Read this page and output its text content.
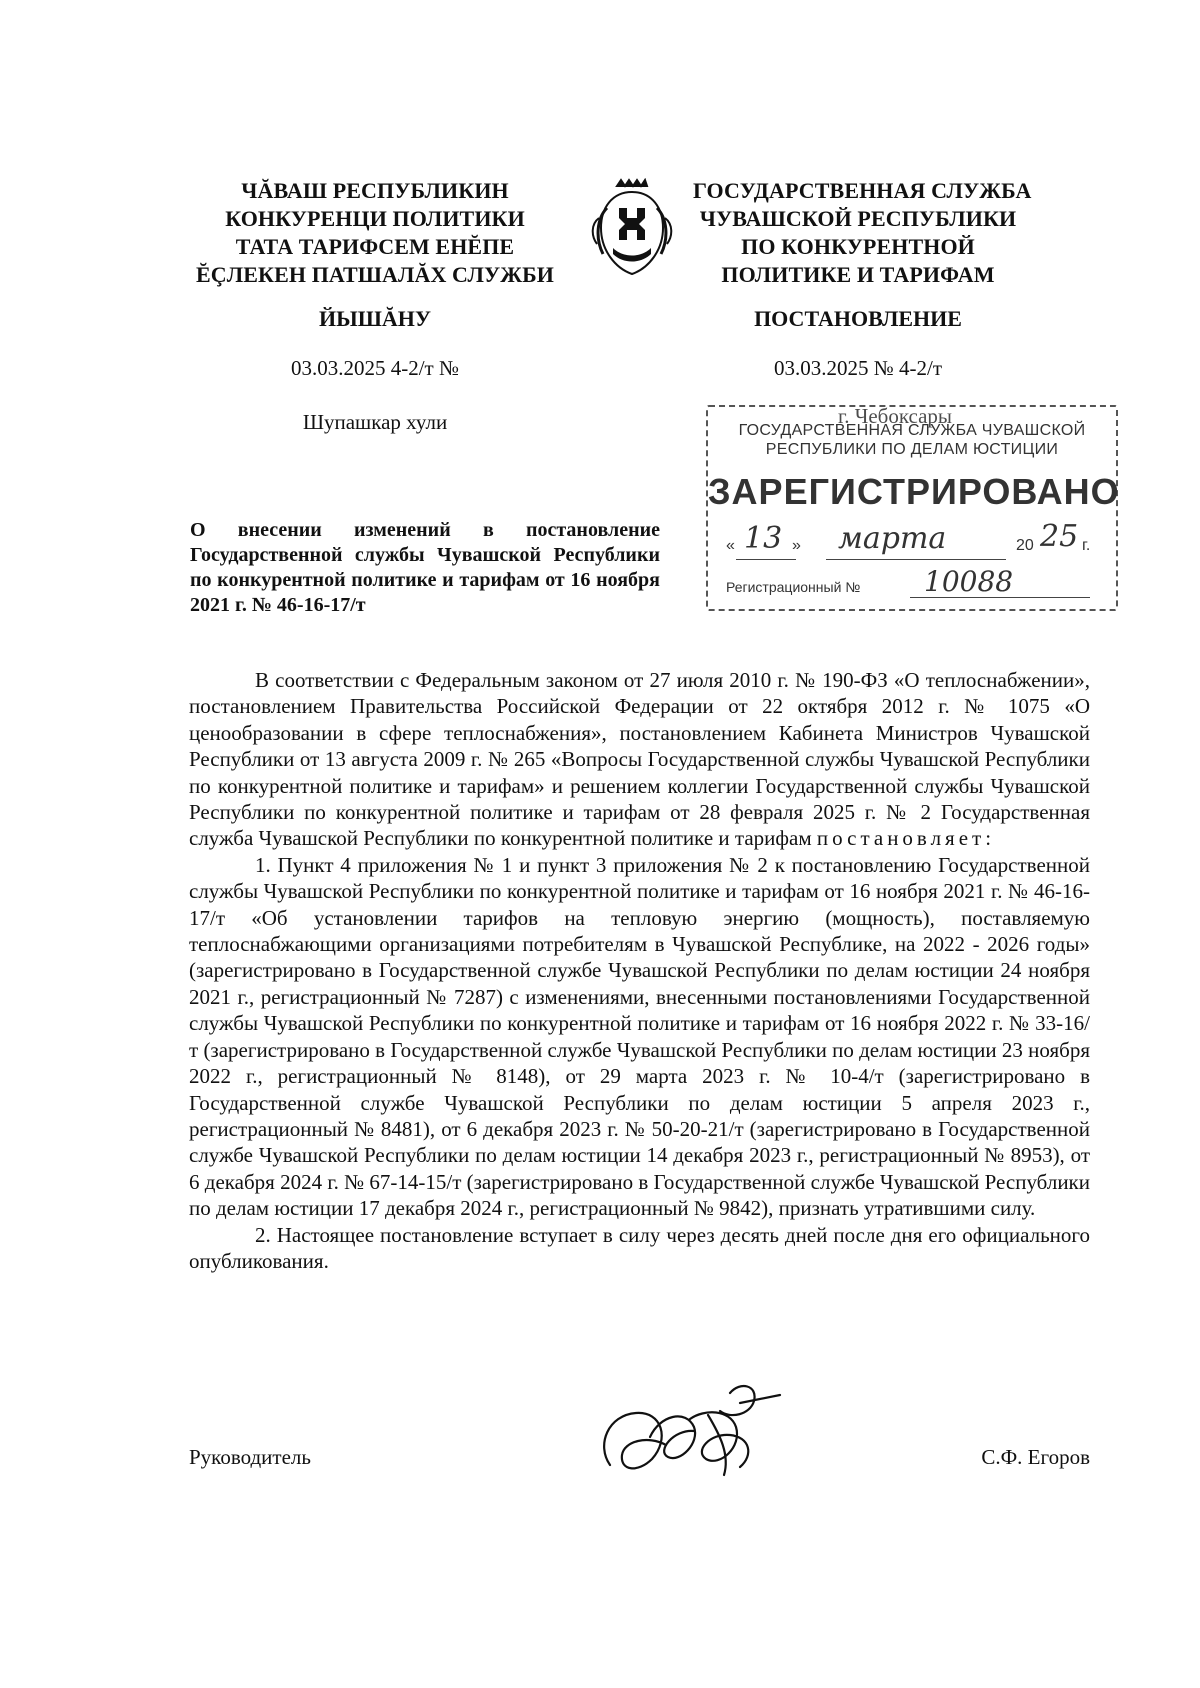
ЧĂВАШ РЕСПУБЛИКИН
КОНКУРЕНЦИ ПОЛИТИКИ
ТАТА ТАРИФСЕМ ЕНĔПЕ
ĔÇЛЕКЕН ПАТШАЛĂХ СЛУЖБИ
ГОСУДАРСТВЕННАЯ СЛУЖБА
ЧУВАШСКОЙ РЕСПУБЛИКИ
ПО КОНКУРЕНТНОЙ
ПОЛИТИКЕ И ТАРИФАМ
ЙЫШĂНУ	ПОСТАНОВЛЕНИЕ
03.03.2025 4-2/т №	03.03.2025 № 4-2/т
Шупашкар хули	г. Чебоксары
ГОСУДАРСТВЕННАЯ СЛУЖБА ЧУВАШСКОЙ
РЕСПУБЛИКИ ПО ДЕЛАМ ЮСТИЦИИ
ЗАРЕГИСТРИРОВАНО
« 13 » марта	20 25 г.
Регистрационный № 10088
О внесении изменений в постановление Государственной службы Чувашской Республики по конкурентной политике и тарифам от 16 ноября 2021 г. № 46-16-17/т

В соответствии с Федеральным законом от 27 июля 2010 г. № 190-ФЗ «О теплоснабжении», постановлением Правительства Российской Федерации от 22 октября 2012 г. № 1075 «О ценообразовании в сфере теплоснабжения», постановлением Кабинета Министров Чувашской Республики от 13 августа 2009 г. № 265 «Вопросы Государственной службы Чувашской Республики по конкурентной политике и тарифам» и решением коллегии Государственной службы Чувашской Республики по конкурентной политике и тарифам от 28 февраля 2025 г. № 2 Государственная служба Чувашской Республики по конкурентной политике и тарифам постановляет:

1. Пункт 4 приложения № 1 и пункт 3 приложения № 2 к постановлению Государственной службы Чувашской Республики по конкурентной политике и тарифам от 16 ноября 2021 г. № 46-16-17/т «Об установлении тарифов на тепловую энергию (мощность), поставляемую теплоснабжающими организациями потребителям в Чувашской Республике, на 2022 - 2026 годы» (зарегистрировано в Государственной службе Чувашской Республики по делам юстиции 24 ноября 2021 г., регистрационный № 7287) с изменениями, внесенными постановлениями Государственной службы Чувашской Республики по конкурентной политике и тарифам от 16 ноября 2022 г. № 33-16/т (зарегистрировано в Государственной службе Чувашской Республики по делам юстиции 23 ноября 2022 г., регистрационный № 8148), от 29 марта 2023 г. № 10-4/т (зарегистрировано в Государственной службе Чувашской Республики по делам юстиции 5 апреля 2023 г., регистрационный № 8481), от 6 декабря 2023 г. № 50-20-21/т (зарегистрировано в Государственной службе Чувашской Республики по делам юстиции 14 декабря 2023 г., регистрационный № 8953), от 6 декабря 2024 г. № 67-14-15/т (зарегистрировано в Государственной службе Чувашской Республики по делам юстиции 17 декабря 2024 г., регистрационный № 9842), признать утратившими силу.

2. Настоящее постановление вступает в силу через десять дней после дня его официального опубликования.

Руководитель	С.Ф. Егоров
